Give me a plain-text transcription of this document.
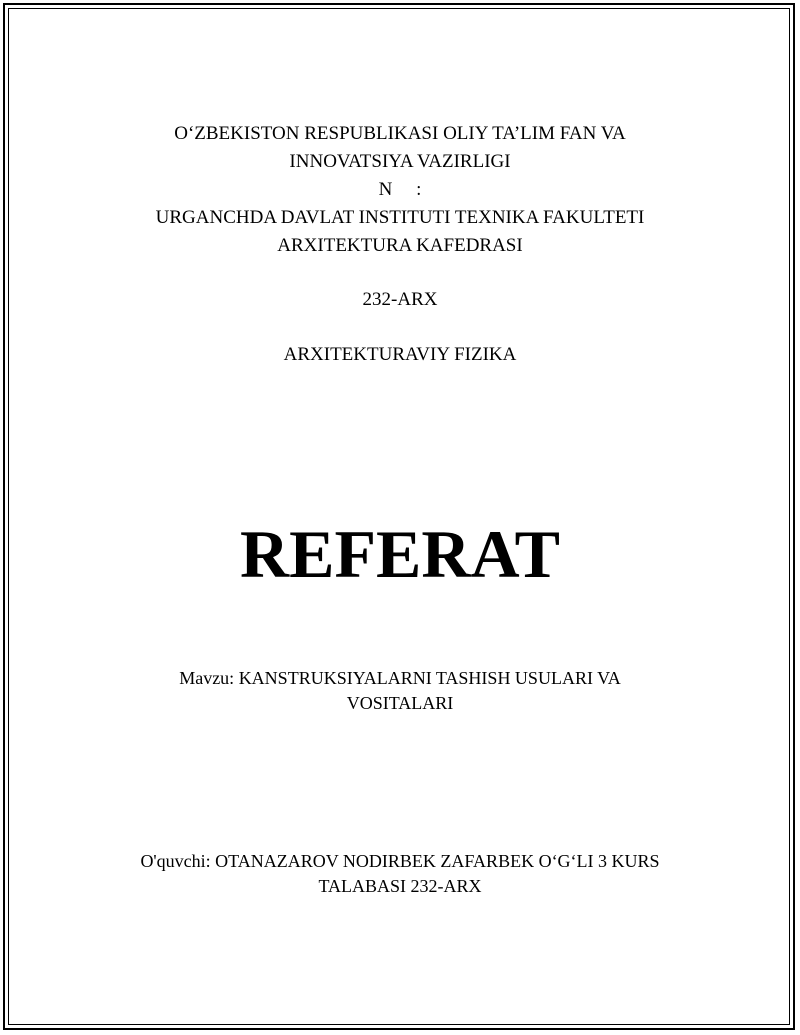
O‘ZBEKISTON RESPUBLIKASI OLIY TA’LIM FAN VA
INNOVATSIYA VAZIRLIGI
N     :
URGANCHDA DAVLAT INSTITUTI TEXNIKA FAKULTETI
ARXITEKTURA KAFEDRASI
232-ARX
ARXITEKTURAVIY FIZIKA
REFERAT
Mavzu: KANSTRUKSIYALARNI TASHISH USULARI VA
VOSITALARI
O'quvchi: OTANAZAROV NODIRBEK ZAFARBEK O‘G‘LI 3 KURS
TALABASI 232-ARX
